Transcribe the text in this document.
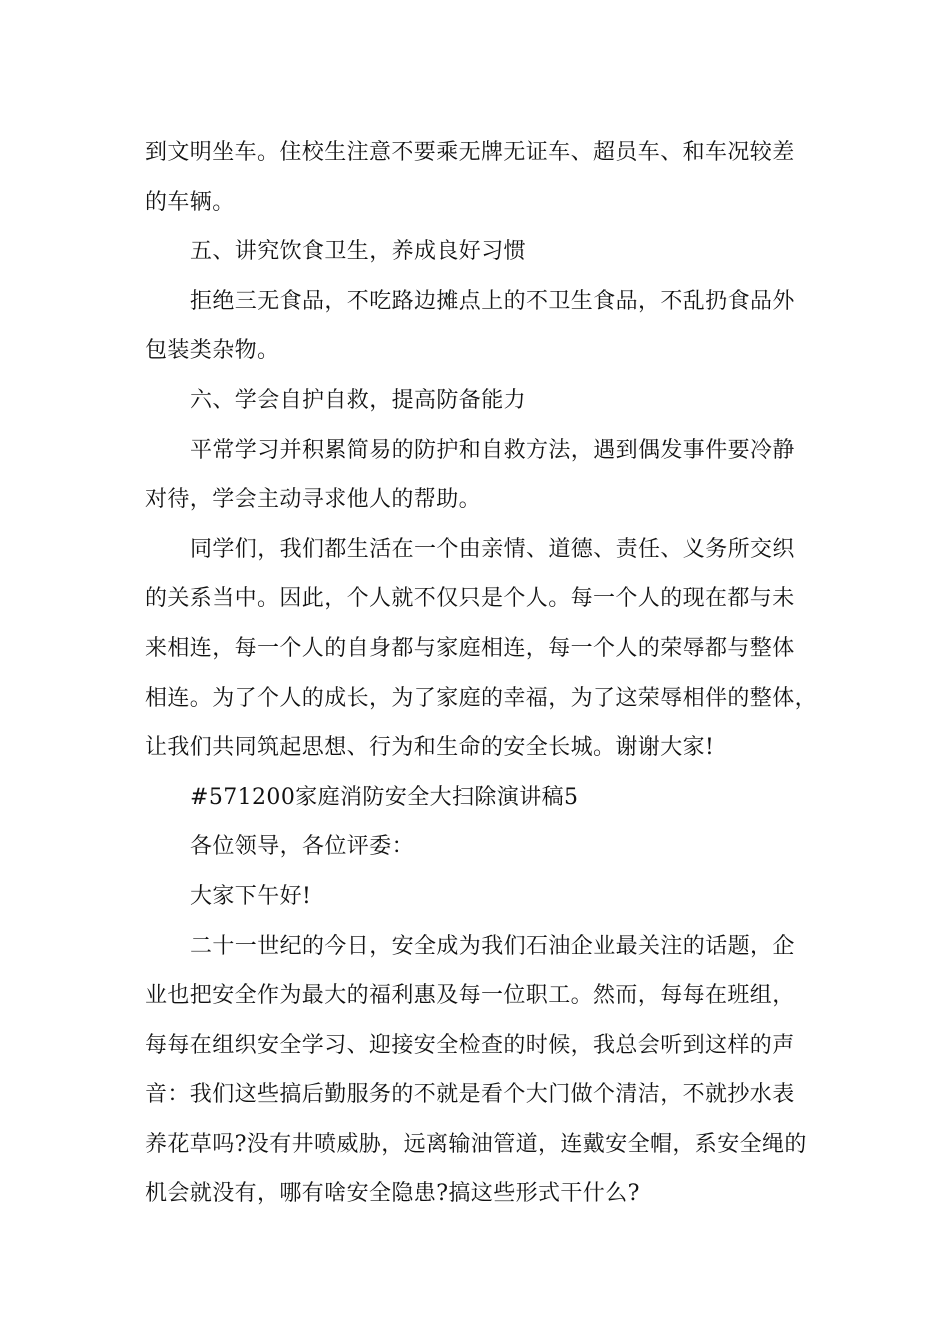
到文明坐车。住校生注意不要乘无牌无证车、超员车、和车况较差

的车辆。

五、讲究饮食卫生，养成良好习惯

拒绝三无食品，不吃路边摊点上的不卫生食品，不乱扔食品外

包装类杂物。

六、学会自护自救，提高防备能力

平常学习并积累简易的防护和自救方法，遇到偶发事件要冷静

对待，学会主动寻求他人的帮助。

同学们，我们都生活在一个由亲情、道德、责任、义务所交织

的关系当中。因此，个人就不仅只是个人。每一个人的现在都与未

来相连，每一个人的自身都与家庭相连，每一个人的荣辱都与整体

相连。为了个人的成长，为了家庭的幸福，为了这荣辱相伴的整体，

让我们共同筑起思想、行为和生命的安全长城。谢谢大家!

#571200家庭消防安全大扫除演讲稿5

各位领导，各位评委：

大家下午好!

二十一世纪的今日，安全成为我们石油企业最关注的话题，企

业也把安全作为最大的福利惠及每一位职工。然而，每每在班组，

每每在组织安全学习、迎接安全检查的时候，我总会听到这样的声

音：我们这些搞后勤服务的不就是看个大门做个清洁，不就抄水表

养花草吗?没有井喷威胁，远离输油管道，连戴安全帽，系安全绳的

机会就没有，哪有啥安全隐患?搞这些形式干什么?
